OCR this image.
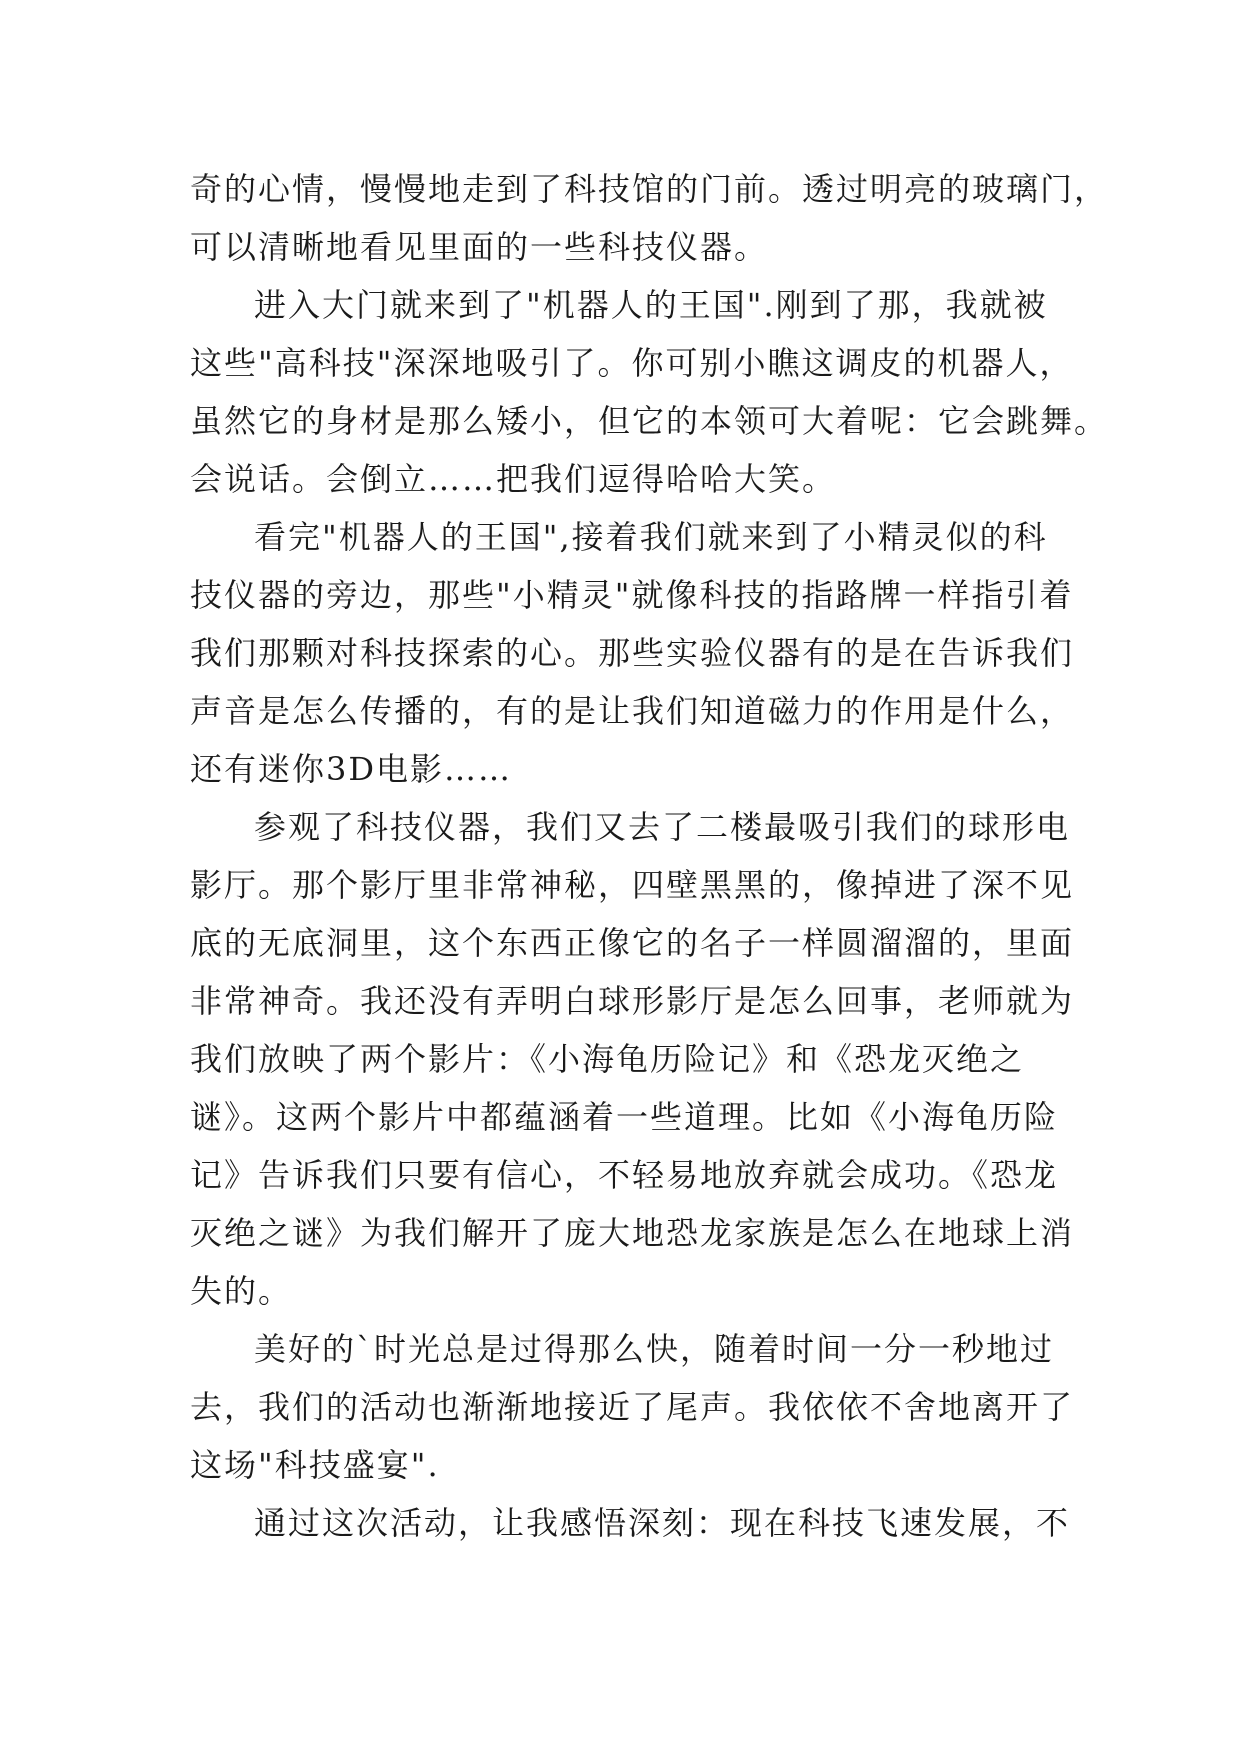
奇的心情，慢慢地走到了科技馆的门前。透过明亮的玻璃门，
可以清晰地看见里面的一些科技仪器。
进入大门就来到了"机器人的王国".刚到了那，我就被
这些"高科技"深深地吸引了。你可别小瞧这调皮的机器人，
虽然它的身材是那么矮小，但它的本领可大着呢：它会跳舞。
会说话。会倒立……把我们逗得哈哈大笑。
看完"机器人的王国",接着我们就来到了小精灵似的科
技仪器的旁边，那些"小精灵"就像科技的指路牌一样指引着
我们那颗对科技探索的心。那些实验仪器有的是在告诉我们
声音是怎么传播的，有的是让我们知道磁力的作用是什么，
还有迷你3D电影……
参观了科技仪器，我们又去了二楼最吸引我们的球形电
影厅。那个影厅里非常神秘，四壁黑黑的，像掉进了深不见
底的无底洞里，这个东西正像它的名子一样圆溜溜的，里面
非常神奇。我还没有弄明白球形影厅是怎么回事，老师就为
我们放映了两个影片：《小海龟历险记》和《恐龙灭绝之
谜》。这两个影片中都蕴涵着一些道理。比如《小海龟历险
记》告诉我们只要有信心，不轻易地放弃就会成功。《恐龙
灭绝之谜》为我们解开了庞大地恐龙家族是怎么在地球上消
失的。
美好的`时光总是过得那么快，随着时间一分一秒地过
去，我们的活动也渐渐地接近了尾声。我依依不舍地离开了
这场"科技盛宴".
通过这次活动，让我感悟深刻：现在科技飞速发展，不
